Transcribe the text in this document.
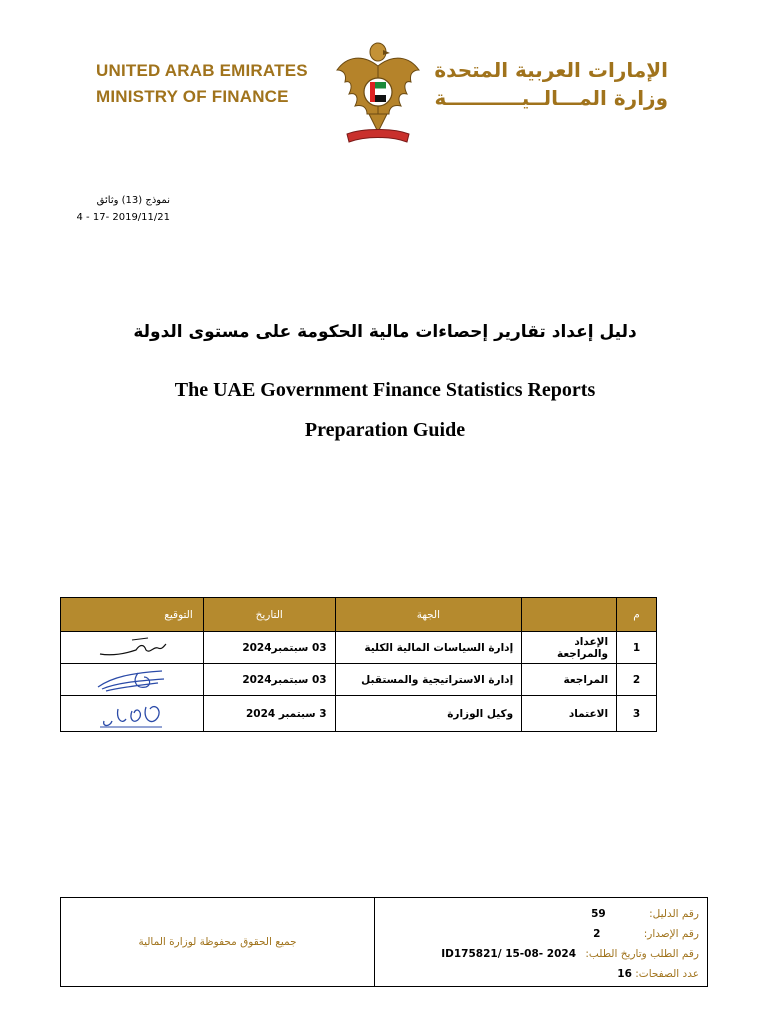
UNITED ARAB EMIRATES
MINISTRY OF FINANCE
الإمارات العربية المتحدة
وزارة المـــالــيـــــــــــة
نموذج (13) وثائق
4 - 17- 2019/11/21
دليل إعداد تقارير إحصاءات مالية الحكومة على مستوى الدولة
The UAE Government Finance Statistics Reports
Preparation Guide
م		الجهة	التاريخ	التوقيع
1	الإعداد والمراجعة	إدارة السياسات المالية الكلية	03 سبتمبر2024	

2	المراجعة	إدارة الاستراتيجية والمستقبل	03 سبتمبر2024	

3	الاعتماد	وكيل الوزارة	3 سبتمبر 2024	
جميع الحقوق محفوظة لوزارة المالية
رقم الدليل: 59
رقم الإصدار: 2
رقم الطلب وتاريخ الطلب: ID175821/ 15-08- 2024
عدد الصفحات: 16
